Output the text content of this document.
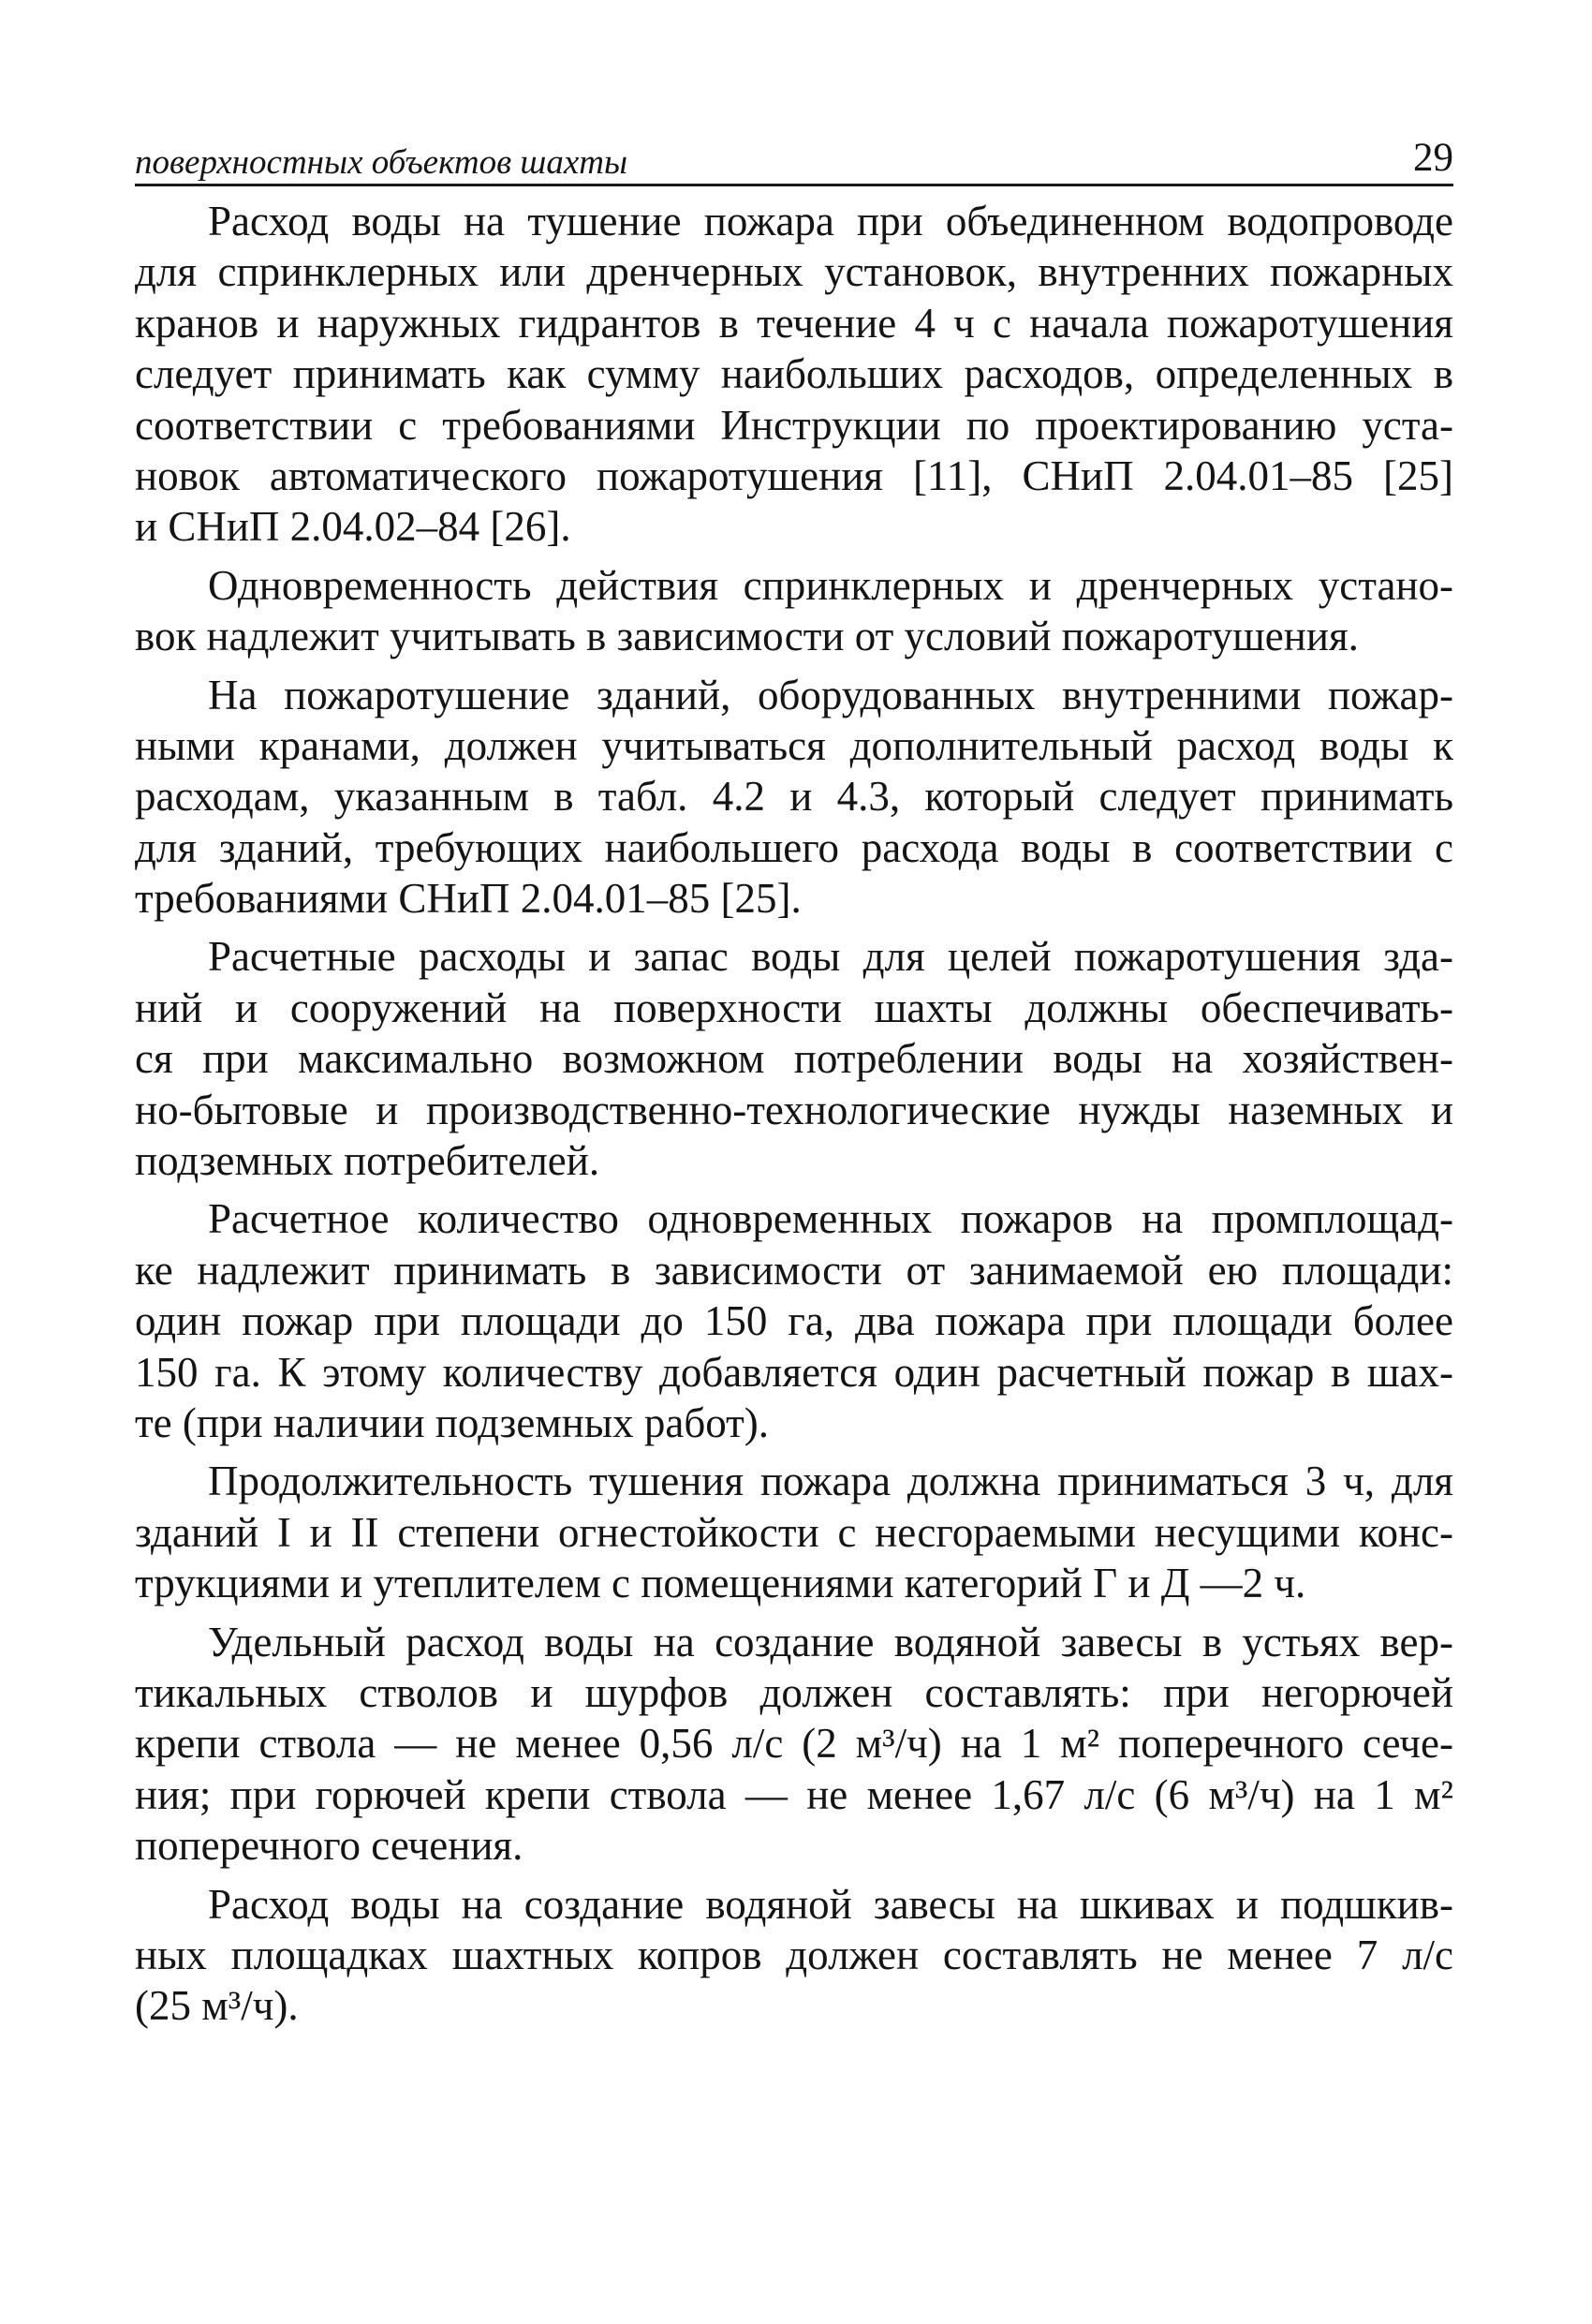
поверхностных объектов шахты	29
Расход воды на тушение пожара при объединенном водопроводе
для спринклерных или дренчерных установок, внутренних пожарных
кранов и наружных гидрантов в течение 4 ч с начала пожаротушения
следует принимать как сумму наибольших расходов, определенных в
соответствии с требованиями Инструкции по проектированию уста-
новок автоматического пожаротушения [11], СНиП 2.04.01–85 [25]
и СНиП 2.04.02–84 [26].
Одновременность действия спринклерных и дренчерных устано-
вок надлежит учитывать в зависимости от условий пожаротушения.
На пожаротушение зданий, оборудованных внутренними пожар-
ными кранами, должен учитываться дополнительный расход воды к
расходам, указанным в табл. 4.2 и 4.3, который следует принимать
для зданий, требующих наибольшего расхода воды в соответствии с
требованиями СНиП 2.04.01–85 [25].
Расчетные расходы и запас воды для целей пожаротушения зда-
ний и сооружений на поверхности шахты должны обеспечивать-
ся при максимально возможном потреблении воды на хозяйствен-
но-бытовые и производственно-технологические нужды наземных и
подземных потребителей.
Расчетное количество одновременных пожаров на промплощад-
ке надлежит принимать в зависимости от занимаемой ею площади:
один пожар при площади до 150 га, два пожара при площади более
150 га. К этому количеству добавляется один расчетный пожар в шах-
те (при наличии подземных работ).
Продолжительность тушения пожара должна приниматься 3 ч, для
зданий I и II степени огнестойкости с несгораемыми несущими конс-
трукциями и утеплителем с помещениями категорий Г и Д —2 ч.
Удельный расход воды на создание водяной завесы в устьях вер-
тикальных стволов и шурфов должен составлять: при негорючей
крепи ствола — не менее 0,56 л/с (2 м³/ч) на 1 м² поперечного сече-
ния; при горючей крепи ствола — не менее 1,67 л/с (6 м³/ч) на 1 м²
поперечного сечения.
Расход воды на создание водяной завесы на шкивах и подшкив-
ных площадках шахтных копров должен составлять не менее 7 л/с
(25 м³/ч).
